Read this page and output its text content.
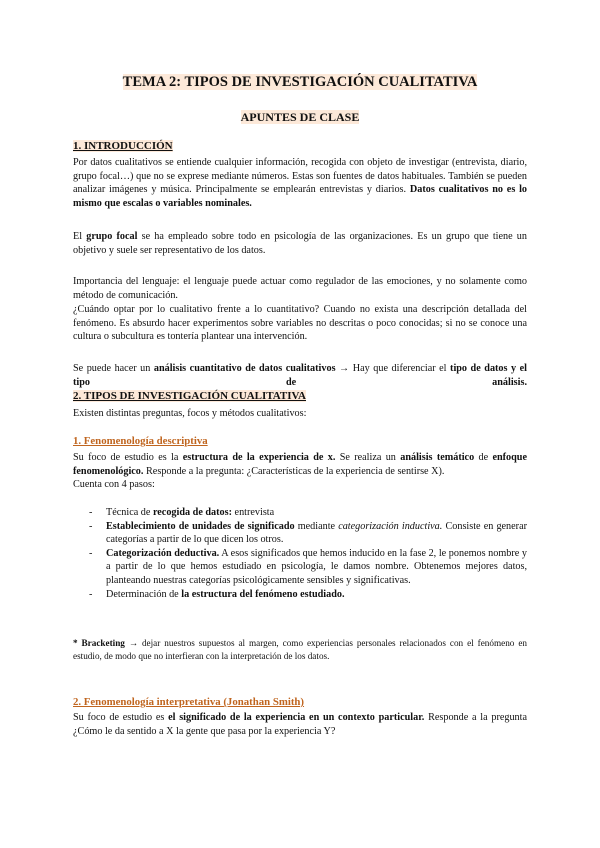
TEMA 2: TIPOS DE INVESTIGACIÓN CUALITATIVA
APUNTES DE CLASE
1. INTRODUCCIÓN

Por datos cualitativos se entiende cualquier información, recogida con objeto de investigar (entrevista, diario, grupo focal…) que no se exprese mediante números. Estas son fuentes de datos habituales. También se pueden analizar imágenes y música. Principalmente se emplearán entrevistas y diarios. Datos cualitativos no es lo mismo que escalas o variables nominales.

El grupo focal se ha empleado sobre todo en psicología de las organizaciones. Es un grupo que tiene un objetivo y suele ser representativo de los datos.

Importancia del lenguaje: el lenguaje puede actuar como regulador de las emociones, y no solamente como método de comunicación.

¿Cuándo optar por lo cualitativo frente a lo cuantitativo? Cuando no exista una descripción detallada del fenómeno. Es absurdo hacer experimentos sobre variables no descritas o poco conocidas; si no se conoce una cultura o subcultura es tontería plantear una intervención.

Se puede hacer un análisis cuantitativo de datos cualitativos → Hay que diferenciar el tipo de datos y el tipo de análisis.

2. TIPOS DE INVESTIGACIÓN CUALITATIVA

Existen distintas preguntas, focos y métodos cualitativos:

1. Fenomenología descriptiva

Su foco de estudio es la estructura de la experiencia de x. Se realiza un análisis temático de enfoque fenomenológico. Responde a la pregunta: ¿Características de la experiencia de sentirse X).

Cuenta con 4 pasos:

- Técnica de recogida de datos: entrevista
- Establecimiento de unidades de significado mediante categorización inductiva. Consiste en generar categorías a partir de lo que dicen los otros.
- Categorización deductiva. A esos significados que hemos inducido en la fase 2, le ponemos nombre y a partir de lo que hemos estudiado en psicología, le damos nombre. Obtenemos mejores datos, planteando nuestras categorías psicológicamente sensibles y significativas.
- Determinación de la estructura del fenómeno estudiado.

* Bracketing → dejar nuestros supuestos al margen, como experiencias personales relacionados con el fenómeno en estudio, de modo que no interfieran con la interpretación de los datos.

2. Fenomenología interpretativa (Jonathan Smith)

Su foco de estudio es el significado de la experiencia en un contexto particular. Responde a la pregunta ¿Cómo le da sentido a X la gente que pasa por la experiencia Y?
